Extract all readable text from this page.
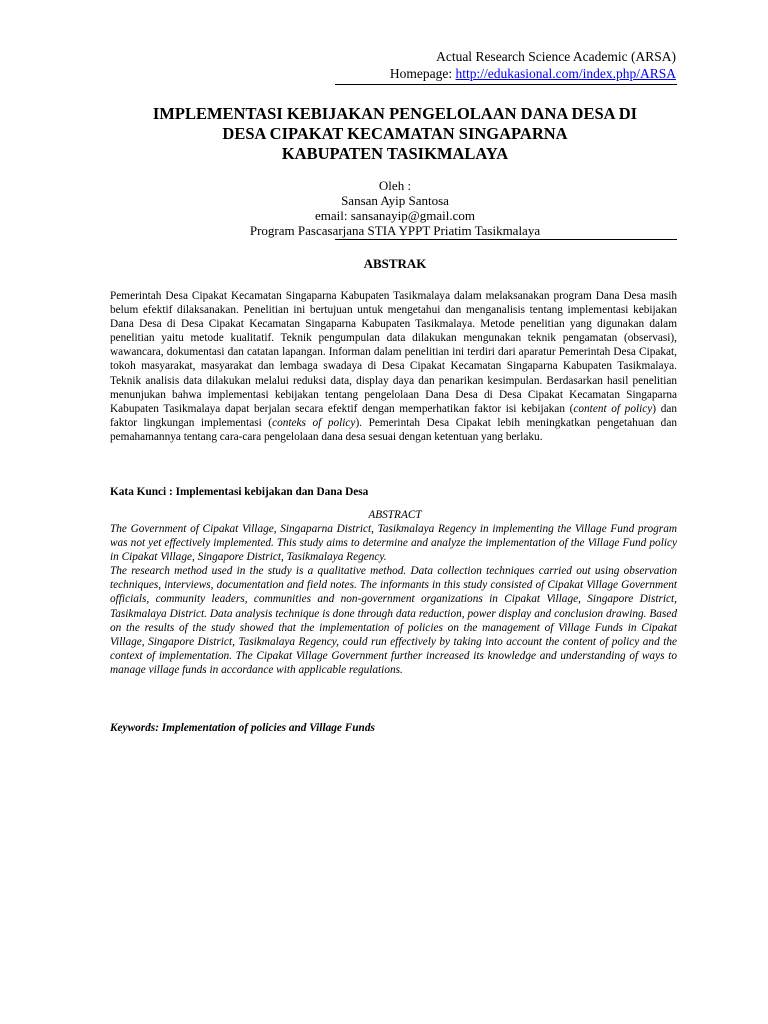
Actual Research Science Academic (ARSA)
Homepage: http://edukasional.com/index.php/ARSA
IMPLEMENTASI KEBIJAKAN PENGELOLAAN DANA DESA DI
DESA CIPAKAT KECAMATAN SINGAPARNA
KABUPATEN TASIKMALAYA
Oleh :
Sansan Ayip Santosa
email: sansanayip@gmail.com
Program Pascasarjana STIA YPPT Priatim Tasikmalaya
ABSTRAK
Pemerintah Desa Cipakat Kecamatan Singaparna Kabupaten Tasikmalaya dalam melaksanakan program Dana Desa masih belum efektif dilaksanakan. Penelitian ini bertujuan untuk mengetahui dan menganalisis tentang implementasi kebijakan Dana Desa di Desa Cipakat Kecamatan Singaparna Kabupaten Tasikmalaya. Metode penelitian yang digunakan dalam penelitian yaitu metode kualitatif. Teknik pengumpulan data dilakukan mengunakan teknik pengamatan (observasi), wawancara, dokumentasi dan catatan lapangan. Informan dalam penelitian ini terdiri dari aparatur Pemerintah Desa Cipakat, tokoh masyarakat, masyarakat dan lembaga swadaya di Desa Cipakat Kecamatan Singaparna Kabupaten Tasikmalaya. Teknik analisis data dilakukan melalui reduksi data, display daya dan penarikan kesimpulan. Berdasarkan hasil penelitian menunjukan bahwa implementasi kebijakan tentang pengelolaan Dana Desa di Desa Cipakat Kecamatan Singaparna Kabupaten Tasikmalaya dapat berjalan secara efektif dengan memperhatikan faktor isi kebijakan (content of policy) dan faktor lingkungan implementasi (conteks of policy). Pemerintah Desa Cipakat lebih meningkatkan pengetahuan dan pemahamannya tentang cara-cara pengelolaan dana desa sesuai dengan ketentuan yang berlaku.
Kata Kunci : Implementasi kebijakan dan Dana Desa
ABSTRACT

The Government of Cipakat Village, Singaparna District, Tasikmalaya Regency in implementing the Village Fund program was not yet effectively implemented. This study aims to determine and analyze the implementation of the Village Fund policy in Cipakat Village, Singapore District, Tasikmalaya Regency.

The research method used in the study is a qualitative method. Data collection techniques carried out using observation techniques, interviews, documentation and field notes. The informants in this study consisted of Cipakat Village Government officials, community leaders, communities and non-government organizations in Cipakat Village, Singapore District, Tasikmalaya District. Data analysis technique is done through data reduction, power display and conclusion drawing. Based on the results of the study showed that the implementation of policies on the management of Village Funds in Cipakat Village, Singapore District, Tasikmalaya Regency, could run effectively by taking into account the content of policy and the context of implementation. The Cipakat Village Government further increased its knowledge and understanding of ways to manage village funds in accordance with applicable regulations.

Keywords: Implementation of policies and Village Funds
